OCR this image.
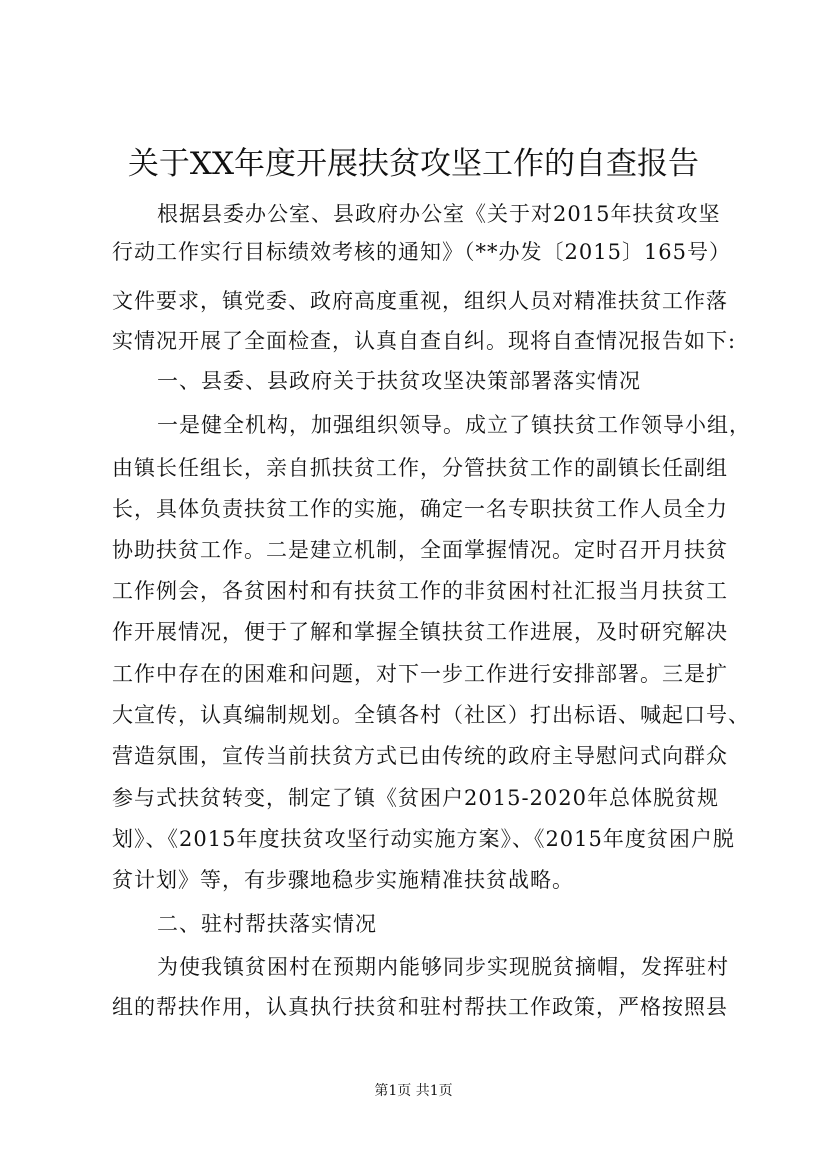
关于XX年度开展扶贫攻坚工作的自查报告
根据县委办公室、县政府办公室《关于对2015年扶贫攻坚
行动工作实行目标绩效考核的通知》（**办发〔2015〕165号）
文件要求，镇党委、政府高度重视，组织人员对精准扶贫工作落
实情况开展了全面检查，认真自查自纠。现将自查情况报告如下:
一、县委、县政府关于扶贫攻坚决策部署落实情况
一是健全机构，加强组织领导。成立了镇扶贫工作领导小组，
由镇长任组长，亲自抓扶贫工作，分管扶贫工作的副镇长任副组
长，具体负责扶贫工作的实施，确定一名专职扶贫工作人员全力
协助扶贫工作。二是建立机制，全面掌握情况。定时召开月扶贫
工作例会，各贫困村和有扶贫工作的非贫困村社汇报当月扶贫工
作开展情况，便于了解和掌握全镇扶贫工作进展，及时研究解决
工作中存在的困难和问题，对下一步工作进行安排部署。三是扩
大宣传，认真编制规划。全镇各村（社区）打出标语、喊起口号、
营造氛围，宣传当前扶贫方式已由传统的政府主导慰问式向群众
参与式扶贫转变，制定了镇《贫困户2015-2020年总体脱贫规
划》、《2015年度扶贫攻坚行动实施方案》、《2015年度贫困户脱
贫计划》等，有步骤地稳步实施精准扶贫战略。
二、驻村帮扶落实情况
为使我镇贫困村在预期内能够同步实现脱贫摘帽，发挥驻村
组的帮扶作用，认真执行扶贫和驻村帮扶工作政策，严格按照县
第1页 共1页
